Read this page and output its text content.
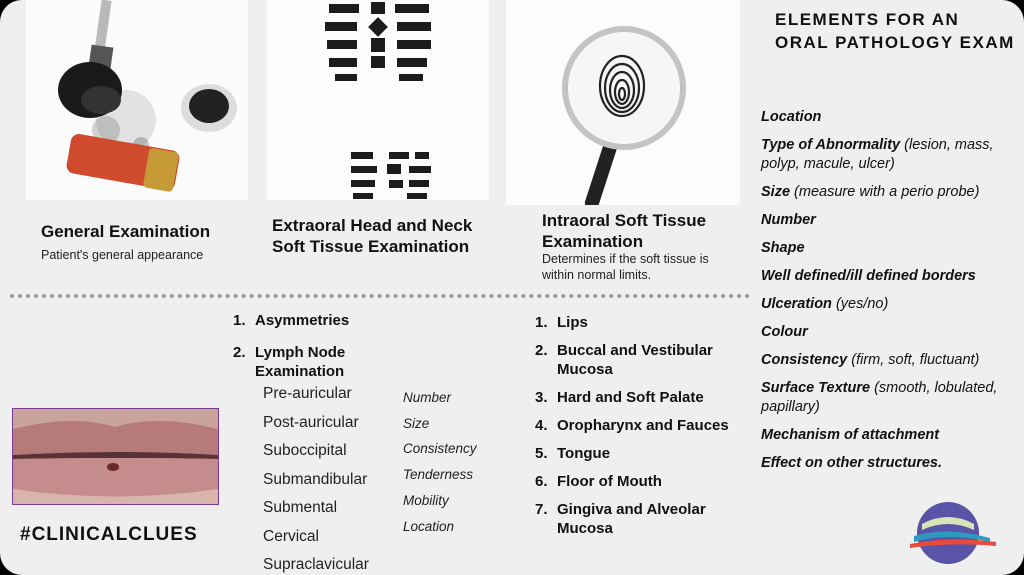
General Examination
Patient's general appearance
Extraoral Head and Neck Soft Tissue Examination
Intraoral Soft Tissue Examination
Determines if the soft tissue is within normal limits.
ELEMENTS FOR AN ORAL PATHOLOGY EXAM
Location
Type of Abnormality (lesion, mass, polyp, macule, ulcer)
Size (measure with a perio probe)
Number
Shape
Well defined/ill defined borders
Ulceration (yes/no)
Colour
Consistency (firm, soft, fluctuant)
Surface Texture (smooth, lobulated, papillary)
Mechanism of attachment
Effect on other structures.
1. Asymmetries
2. Lymph Node Examination
Pre-auricular
Post-auricular
Suboccipital
Submandibular
Submental
Cervical
Supraclavicular
Number
Size
Consistency
Tenderness
Mobility
Location
1. Lips
2. Buccal and Vestibular Mucosa
3. Hard and Soft Palate
4. Oropharynx and Fauces
5. Tongue
6. Floor of Mouth
7. Gingiva and Alveolar Mucosa
#CLINICALCLUES
